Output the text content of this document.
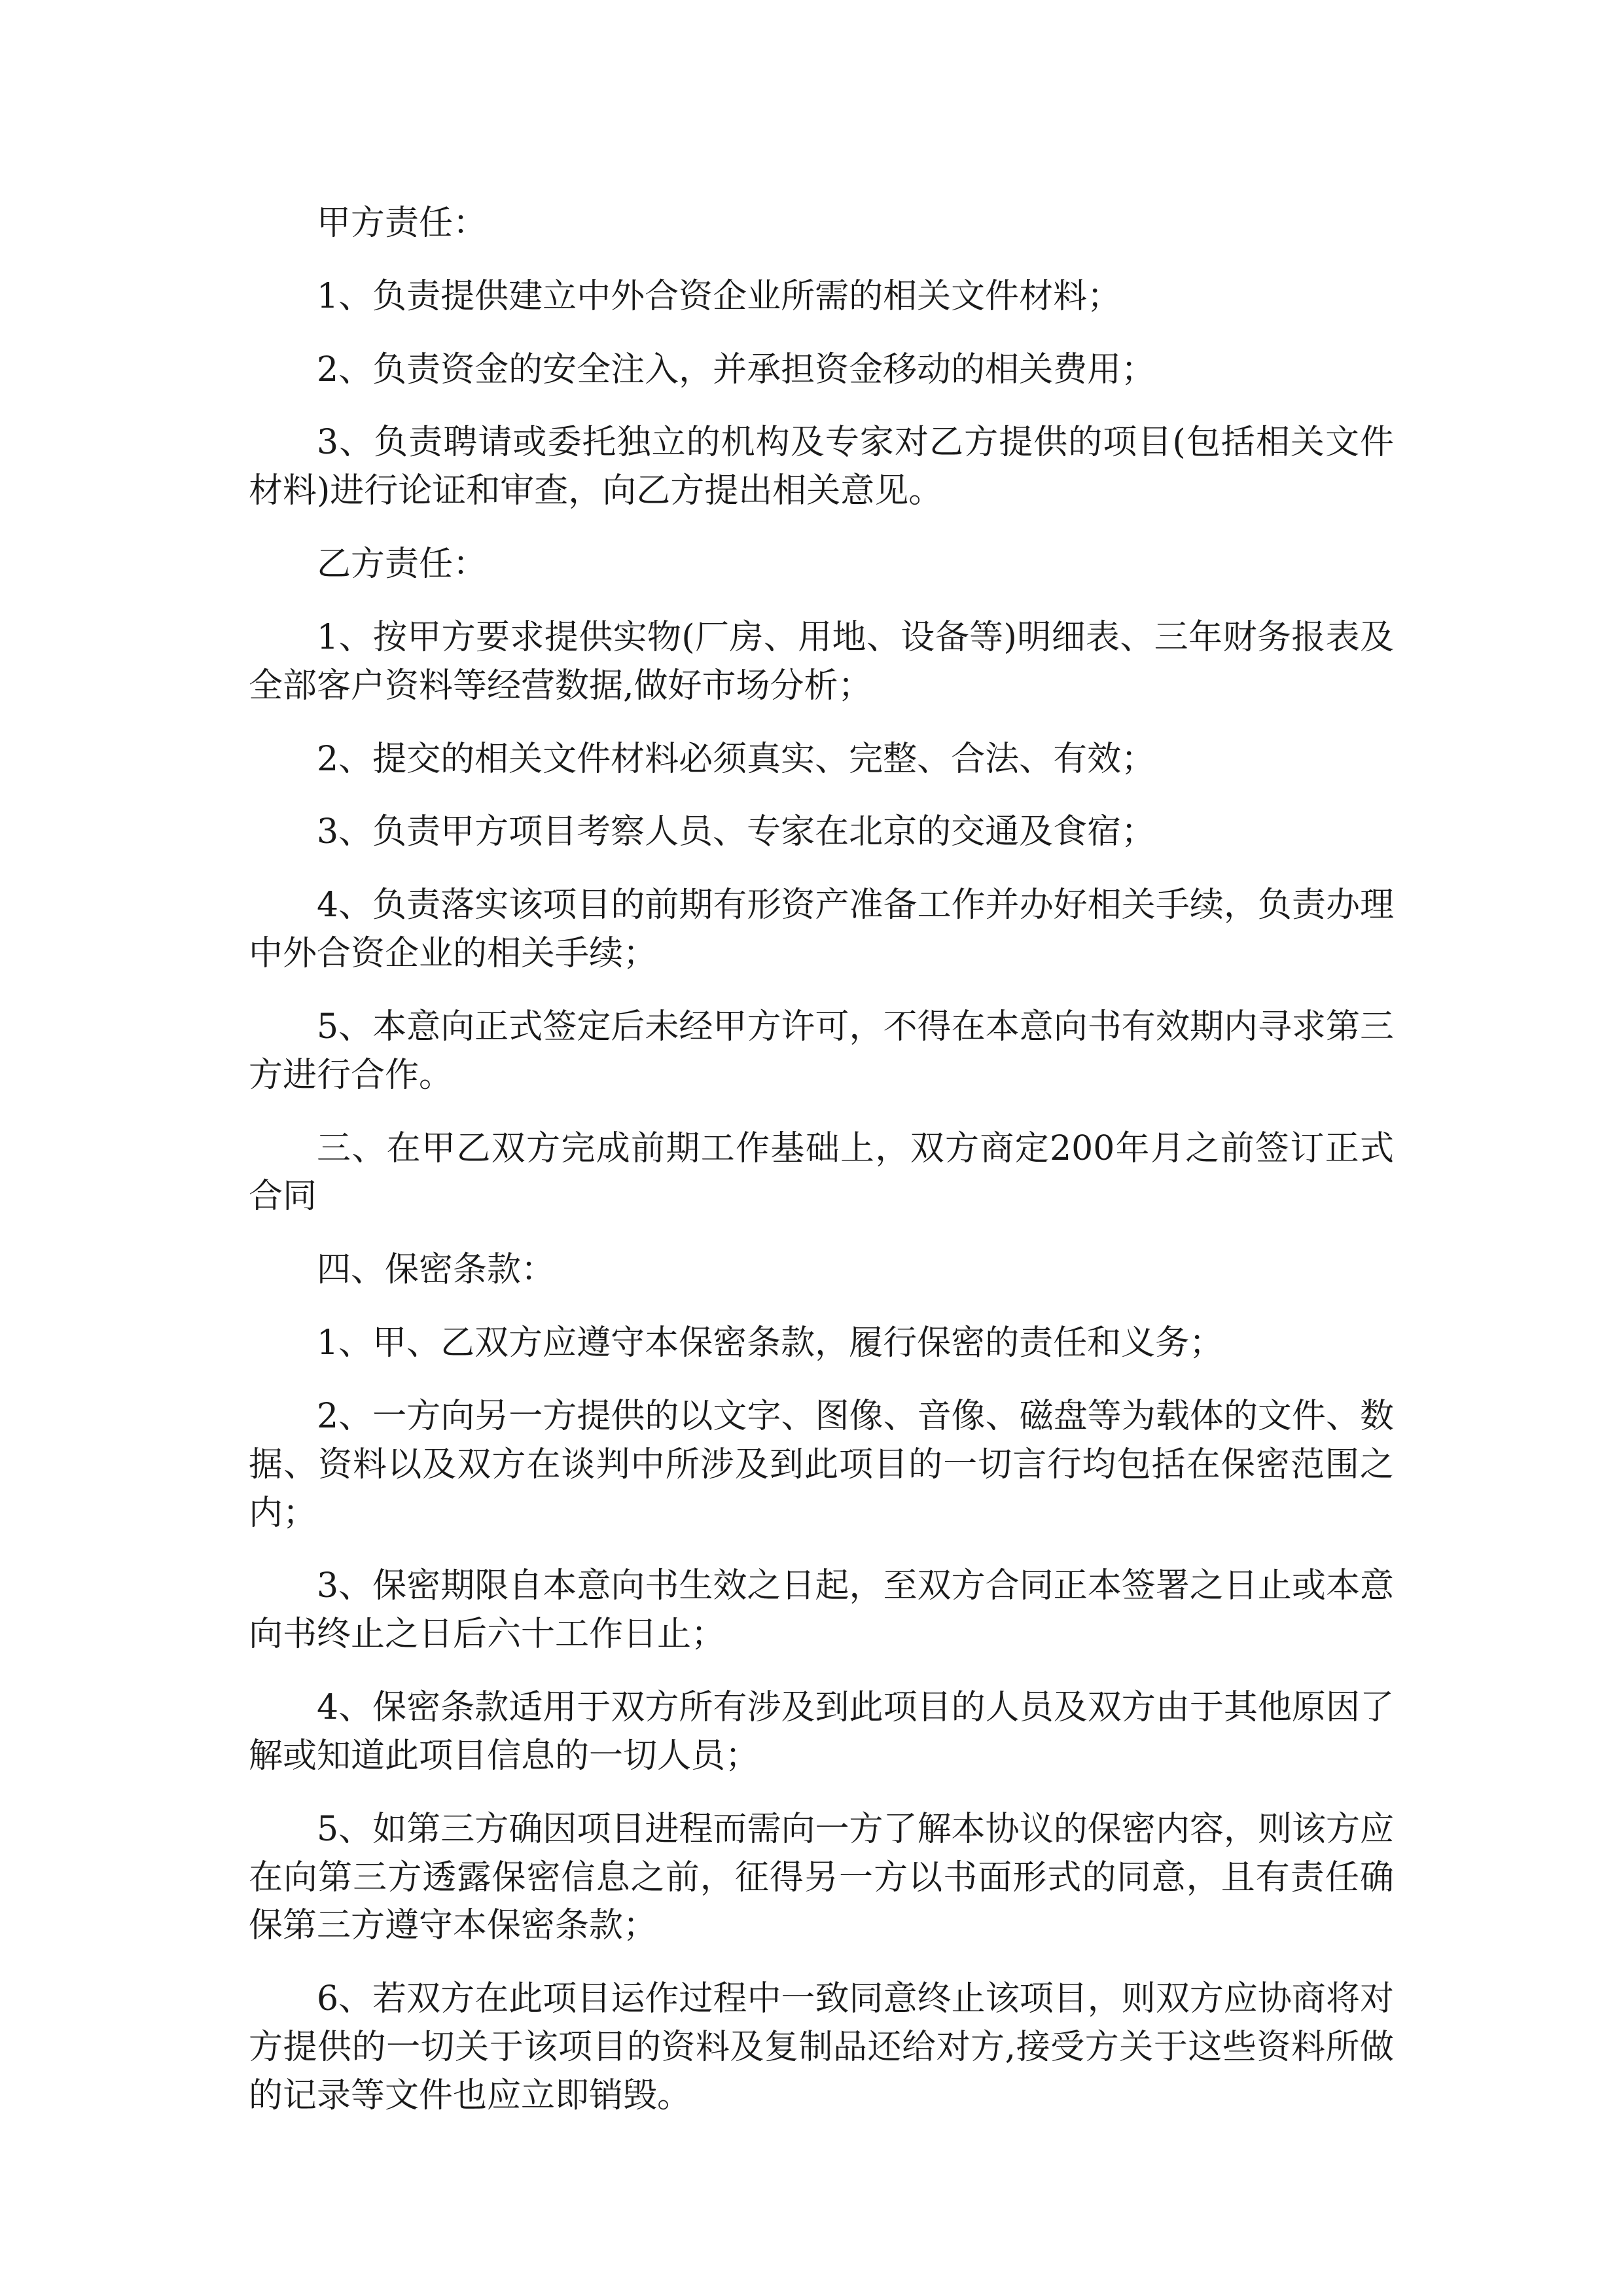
甲方责任：

1、负责提供建立中外合资企业所需的相关文件材料；

2、负责资金的安全注入，并承担资金移动的相关费用；

3、负责聘请或委托独立的机构及专家对乙方提供的项目(包括相关文件材料)进行论证和审查，向乙方提出相关意见。

乙方责任：

1、按甲方要求提供实物(厂房、用地、设备等)明细表、三年财务报表及全部客户资料等经营数据,做好市场分析；

2、提交的相关文件材料必须真实、完整、合法、有效；

3、负责甲方项目考察人员、专家在北京的交通及食宿；

4、负责落实该项目的前期有形资产准备工作并办好相关手续，负责办理中外合资企业的相关手续；

5、本意向正式签定后未经甲方许可，不得在本意向书有效期内寻求第三方进行合作。

三、在甲乙双方完成前期工作基础上，双方商定200年月之前签订正式合同

四、保密条款：

1、甲、乙双方应遵守本保密条款，履行保密的责任和义务；

2、一方向另一方提供的以文字、图像、音像、磁盘等为载体的文件、数据、资料以及双方在谈判中所涉及到此项目的一切言行均包括在保密范围之内；

3、保密期限自本意向书生效之日起，至双方合同正本签署之日止或本意向书终止之日后六十工作日止；

4、保密条款适用于双方所有涉及到此项目的人员及双方由于其他原因了解或知道此项目信息的一切人员；

5、如第三方确因项目进程而需向一方了解本协议的保密内容，则该方应在向第三方透露保密信息之前，征得另一方以书面形式的同意，且有责任确保第三方遵守本保密条款；

6、若双方在此项目运作过程中一致同意终止该项目，则双方应协商将对方提供的一切关于该项目的资料及复制品还给对方,接受方关于这些资料所做的记录等文件也应立即销毁。
